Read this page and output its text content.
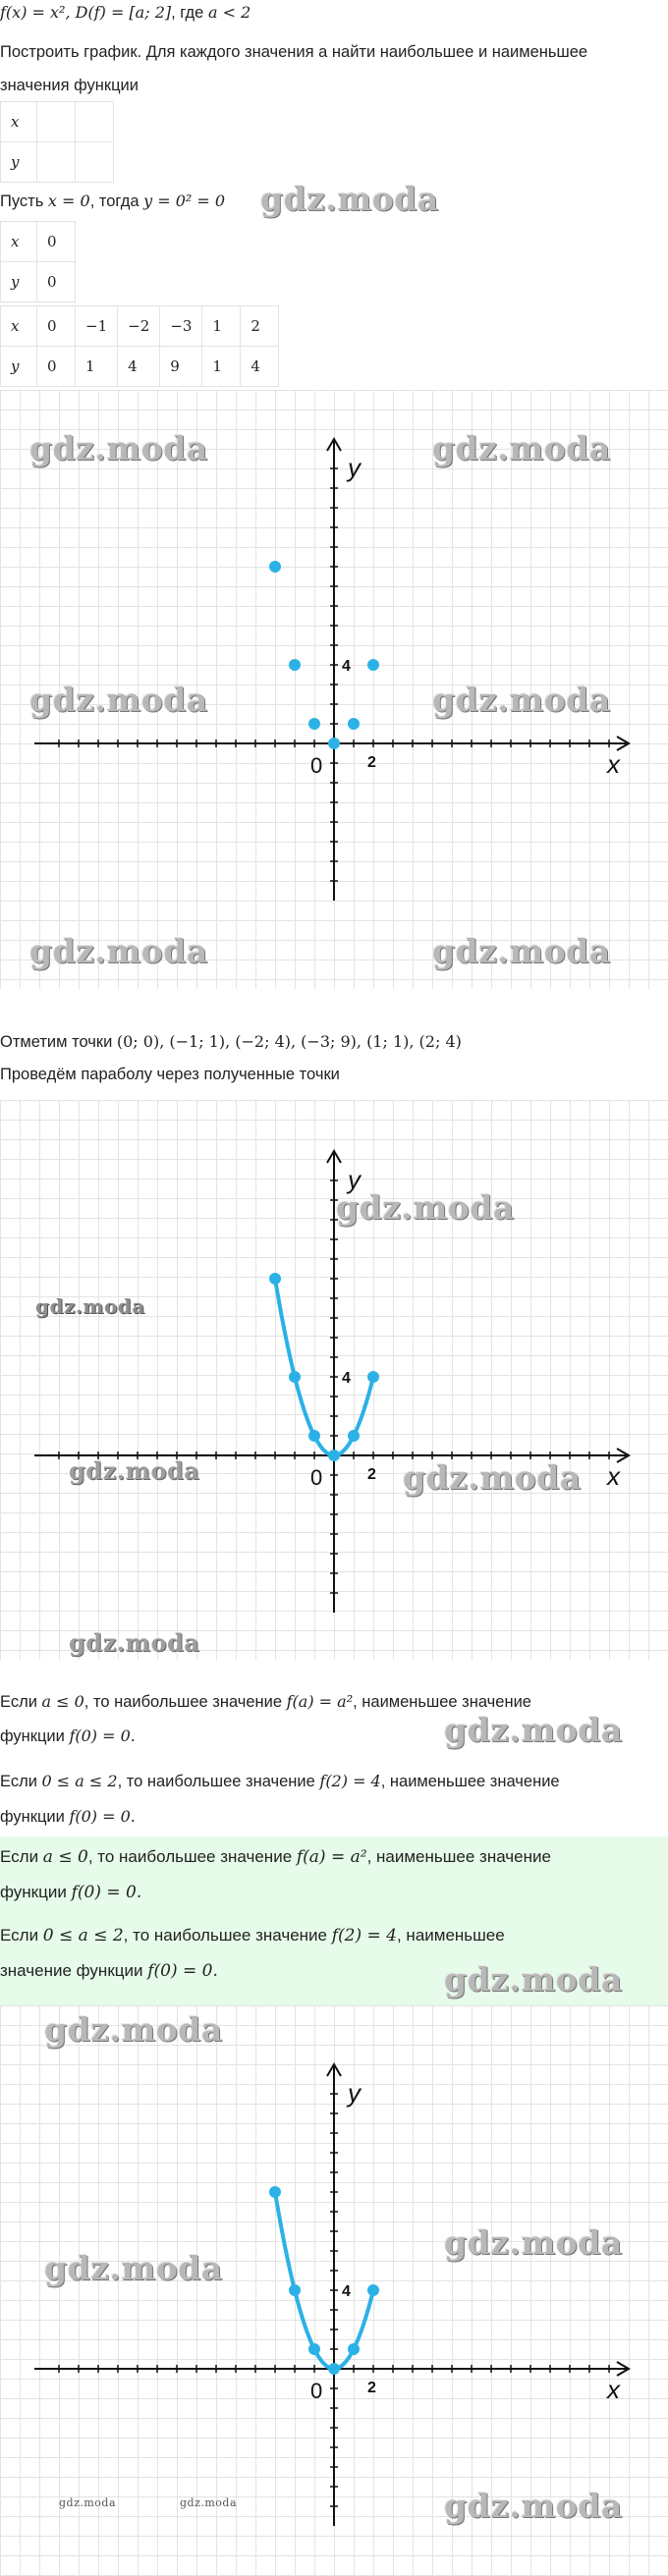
f(x) = x², D(f) = [a; 2], где a < 2
Построить график. Для каждого значения a найти наибольшее и наименьшее
значения функции
x		
y		
Пусть x = 0, тогда y = 0² = 0 gdz.moda
x	0
y	0
x	0	−1	−2	−3	1	2
y	0	1	4	9	1	4
x
y
0	2
4
gdz.moda	gdz.moda
gdz.moda	gdz.moda
gdz.moda	gdz.moda
Отметим точки (0; 0), (−1; 1), (−2; 4), (−3; 9), (1; 1), (2; 4)
Проведём параболу через полученные точки
x
y
0	2
4
gdz.moda
gdz.moda
gdz.moda	gdz.moda
gdz.moda
Если a ≤ 0, то наибольшее значение f(a) = a², наименьшее значение
функции f(0) = 0.	gdz.moda
Если 0 ≤ a ≤ 2, то наибольшее значение f(2) = 4, наименьшее значение
функции f(0) = 0.
Если a ≤ 0, то наибольшее значение f(a) = a², наименьшее значение
функции f(0) = 0.
Если 0 ≤ a ≤ 2, то наибольшее значение f(2) = 4, наименьшее
значение функции f(0) = 0.	gdz.moda
x
y
0	2
4
gdz.moda
gdz.moda
gdz.moda
gdz.moda
gdz.moda	gdz.moda
